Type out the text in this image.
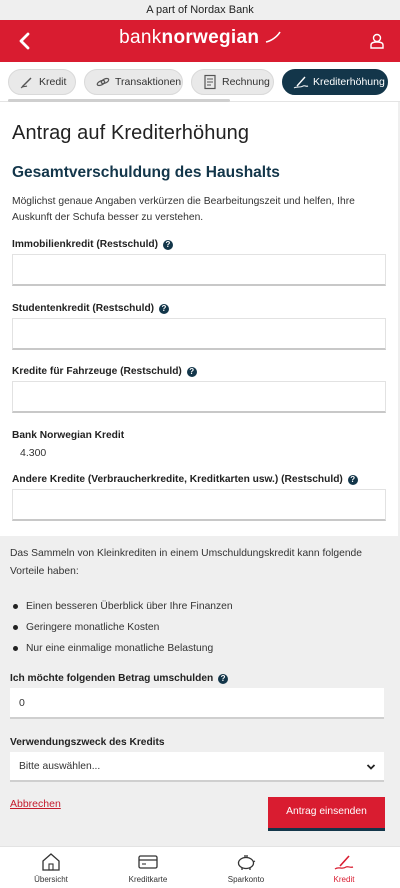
A part of Nordax Bank
banknorwegian
Kredit	Transaktionen	Rechnung	Krediterhöhung
Antrag auf Krediterhöhung
Gesamtverschuldung des Haushalts

Möglichst genaue Angaben verkürzen die Bearbeitungszeit und helfen, Ihre Auskunft der Schufa besser zu verstehen.

Immobilienkredit (Restschuld) ?
Studentenkredit (Restschuld) ?
Kredite für Fahrzeuge (Restschuld) ?
Bank Norwegian Kredit
4.300
Andere Kredite (Verbraucherkredite, Kreditkarten usw.) (Restschuld) ?

Das Sammeln von Kleinkrediten in einem Umschuldungskredit kann folgende Vorteile haben:

Einen besseren Überblick über Ihre Finanzen
Geringere monatliche Kosten
Nur eine einmalige monatliche Belastung
Ich möchte folgenden Betrag umschulden ?
0
Verwendungszweck des Kredits
Bitte auswählen...
Abbrechen
Antrag einsenden
Übersicht	Kreditkarte	Sparkonto	Kredit
